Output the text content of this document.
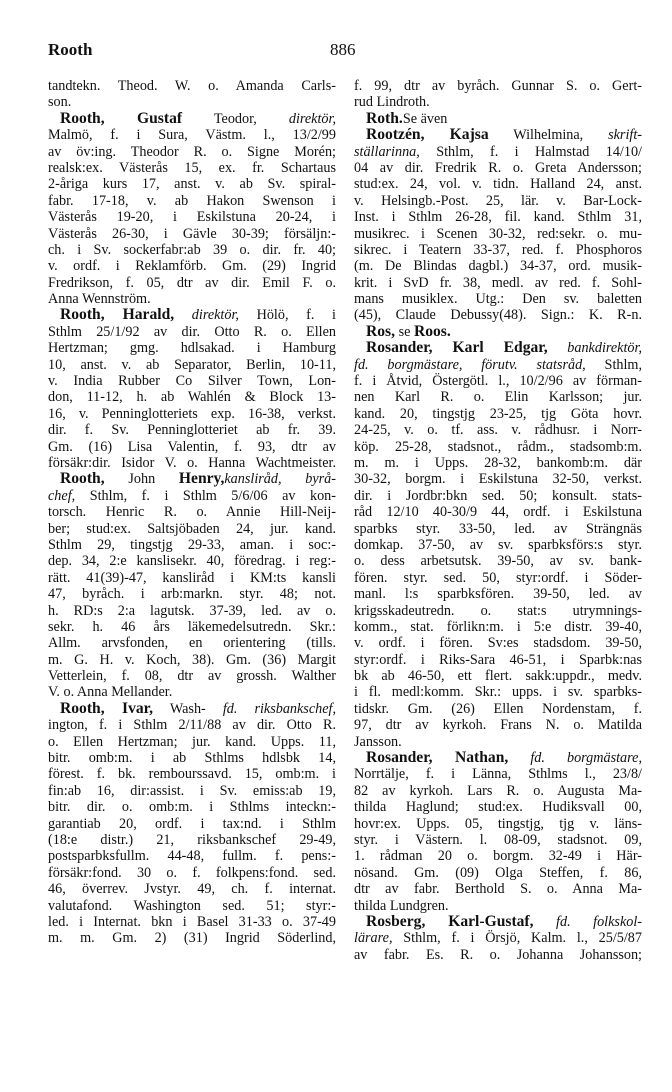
Rooth	886
tandtekn. Theod. W. o. Amanda Carls-
son.
Rooth, Gustaf Teodor, direktör,
Malmö, f. i Sura, Västm. l., 13/2/99
av öv:ing. Theodor R. o. Signe Morén;
realsk:ex. Västerås 15, ex. fr. Schartaus
2-åriga kurs 17, anst. v. ab Sv. spiral-
fabr. 17-18, v. ab Hakon Swenson i
Västerås 19-20, i Eskilstuna 20-24, i
Västerås 26-30, i Gävle 30-39; försäljn:-
ch. i Sv. sockerfabr:ab 39 o. dir. fr. 40;
v. ordf. i Reklamförb. Gm. (29) Ingrid
Fredrikson, f. 05, dtr av dir. Emil F. o.
Anna Wennström.
Rooth, Harald, direktör, Hölö, f. i
Sthlm 25/1/92 av dir. Otto R. o. Ellen
Hertzman; gmg. hdlsakad. i Hamburg
10, anst. v. ab Separator, Berlin, 10-11,
v. India Rubber Co Silver Town, Lon-
don, 11-12, h. ab Wahlén & Block 13-
16, v. Penninglotteriets exp. 16-38, verkst.
dir. f. Sv. Penninglotteriet ab fr. 39.
Gm. (16) Lisa Valentin, f. 93, dtr av
försäkr:dir. Isidor V. o. Hanna Wachtmeister.
Rooth, John Henry,kansliråd, byrå-
chef, Sthlm, f. i Sthlm 5/6/06 av kon-
torsch. Henric R. o. Annie Hill-Neij-
ber; stud:ex. Saltsjöbaden 24, jur. kand.
Sthlm 29, tingstjg 29-33, aman. i soc:-
dep. 34, 2:e kanslisekr. 40, föredrag. i reg:-
rätt. 41(39)-47, kansliråd i KM:ts kansli
47, byråch. i arb:markn. styr. 48; not.
h. RD:s 2:a lagutsk. 37-39, led. av o.
sekr. h. 46 års läkemedelsutredn. Skr.:
Allm. arvsfonden, en orientering (tills.
m. G. H. v. Koch, 38). Gm. (36) Margit
Vetterlein, f. 08, dtr av grossh. Walther
V. o. Anna Mellander.
Rooth, Ivar, Wash- fd. riksbankschef,
ington, f. i Sthlm 2/11/88 av dir. Otto R.
o. Ellen Hertzman; jur. kand. Upps. 11,
bitr. omb:m. i ab Sthlms hdlsbk 14,
förest. f. bk. rembourssavd. 15, omb:m. i
fin:ab 16, dir:assist. i Sv. emiss:ab 19,
bitr. dir. o. omb:m. i Sthlms inteckn:-
garantiab 20, ordf. i tax:nd. i Sthlm
(18:e distr.) 21, riksbankschef 29-49,
postsparbksfullm. 44-48, fullm. f. pens:-
försäkr:fond. 30 o. f. folkpens:fond. sed.
46, överrev. Jvstyr. 49, ch. f. internat.
valutafond. Washington sed. 51; styr:-
led. i Internat. bkn i Basel 31-33 o. 37-49
m. m. Gm. 2) (31) Ingrid Söderlind,
f. 99, dtr av byråch. Gunnar S. o. Gert-
rud Lindroth.
Roth.Se även
Rootzén, Kajsa Wilhelmina, skrift-
ställarinna, Sthlm, f. i Halmstad 14/10/
04 av dir. Fredrik R. o. Greta Andersson;
stud:ex. 24, vol. v. tidn. Halland 24, anst.
v. Helsingb.-Post. 25, lär. v. Bar-Lock-
Inst. i Sthlm 26-28, fil. kand. Sthlm 31,
musikrec. i Scenen 30-32, red:sekr. o. mu-
sikrec. i Teatern 33-37, red. f. Phosphoros
(m. De Blindas dagbl.) 34-37, ord. musik-
krit. i SvD fr. 38, medl. av red. f. Sohl-
mans musiklex. Utg.: Den sv. baletten
(45), Claude Debussy(48). Sign.: K. R-n.
Ros, se Roos.
Rosander, Karl Edgar, bankdirektör,
fd. borgmästare, förutv. statsråd, Sthlm,
f. i Åtvid, Östergötl. l., 10/2/96 av förman-
nen Karl R. o. Elin Karlsson; jur.
kand. 20, tingstjg 23-25, tjg Göta hovr.
24-25, v. o. tf. ass. v. rådhusr. i Norr-
köp. 25-28, stadsnot., rådm., stadsomb:m.
m. m. i Upps. 28-32, bankomb:m. där
30-32, borgm. i Eskilstuna 32-50, verkst.
dir. i Jordbr:bkn sed. 50; konsult. stats-
råd 12/10 40-30/9 44, ordf. i Eskilstuna
sparbks styr. 33-50, led. av Strängnäs
domkap. 37-50, av sv. sparbksförs:s styr.
o. dess arbetsutsk. 39-50, av sv. bank-
fören. styr. sed. 50, styr:ordf. i Söder-
manl. l:s sparbksfören. 39-50, led. av
krigsskadeutredn. o. stat:s utrymnings-
komm., stat. förlikn:m. i 5:e distr. 39-40,
v. ordf. i fören. Sv:es stadsdom. 39-50,
styr:ordf. i Riks-Sara 46-51, i Sparbk:nas
bk ab 46-50, ett flert. sakk:uppdr., medv.
i fl. medl:komm. Skr.: upps. i sv. sparbks-
tidskr. Gm. (26) Ellen Nordenstam, f.
97, dtr av kyrkoh. Frans N. o. Matilda
Jansson.
Rosander, Nathan, fd. borgmästare,
Norrtälje, f. i Länna, Sthlms l., 23/8/
82 av kyrkoh. Lars R. o. Augusta Ma-
thilda Haglund; stud:ex. Hudiksvall 00,
hovr:ex. Upps. 05, tingstjg, tjg v. läns-
styr. i Västern. l. 08-09, stadsnot. 09,
1. rådman 20 o. borgm. 32-49 i Här-
nösand. Gm. (09) Olga Steffen, f. 86,
dtr av fabr. Berthold S. o. Anna Ma-
thilda Lundgren.
Rosberg, Karl-Gustaf, fd. folkskol-
lärare, Sthlm, f. i Örsjö, Kalm. l., 25/5/87
av fabr. Es. R. o. Johanna Johansson;
